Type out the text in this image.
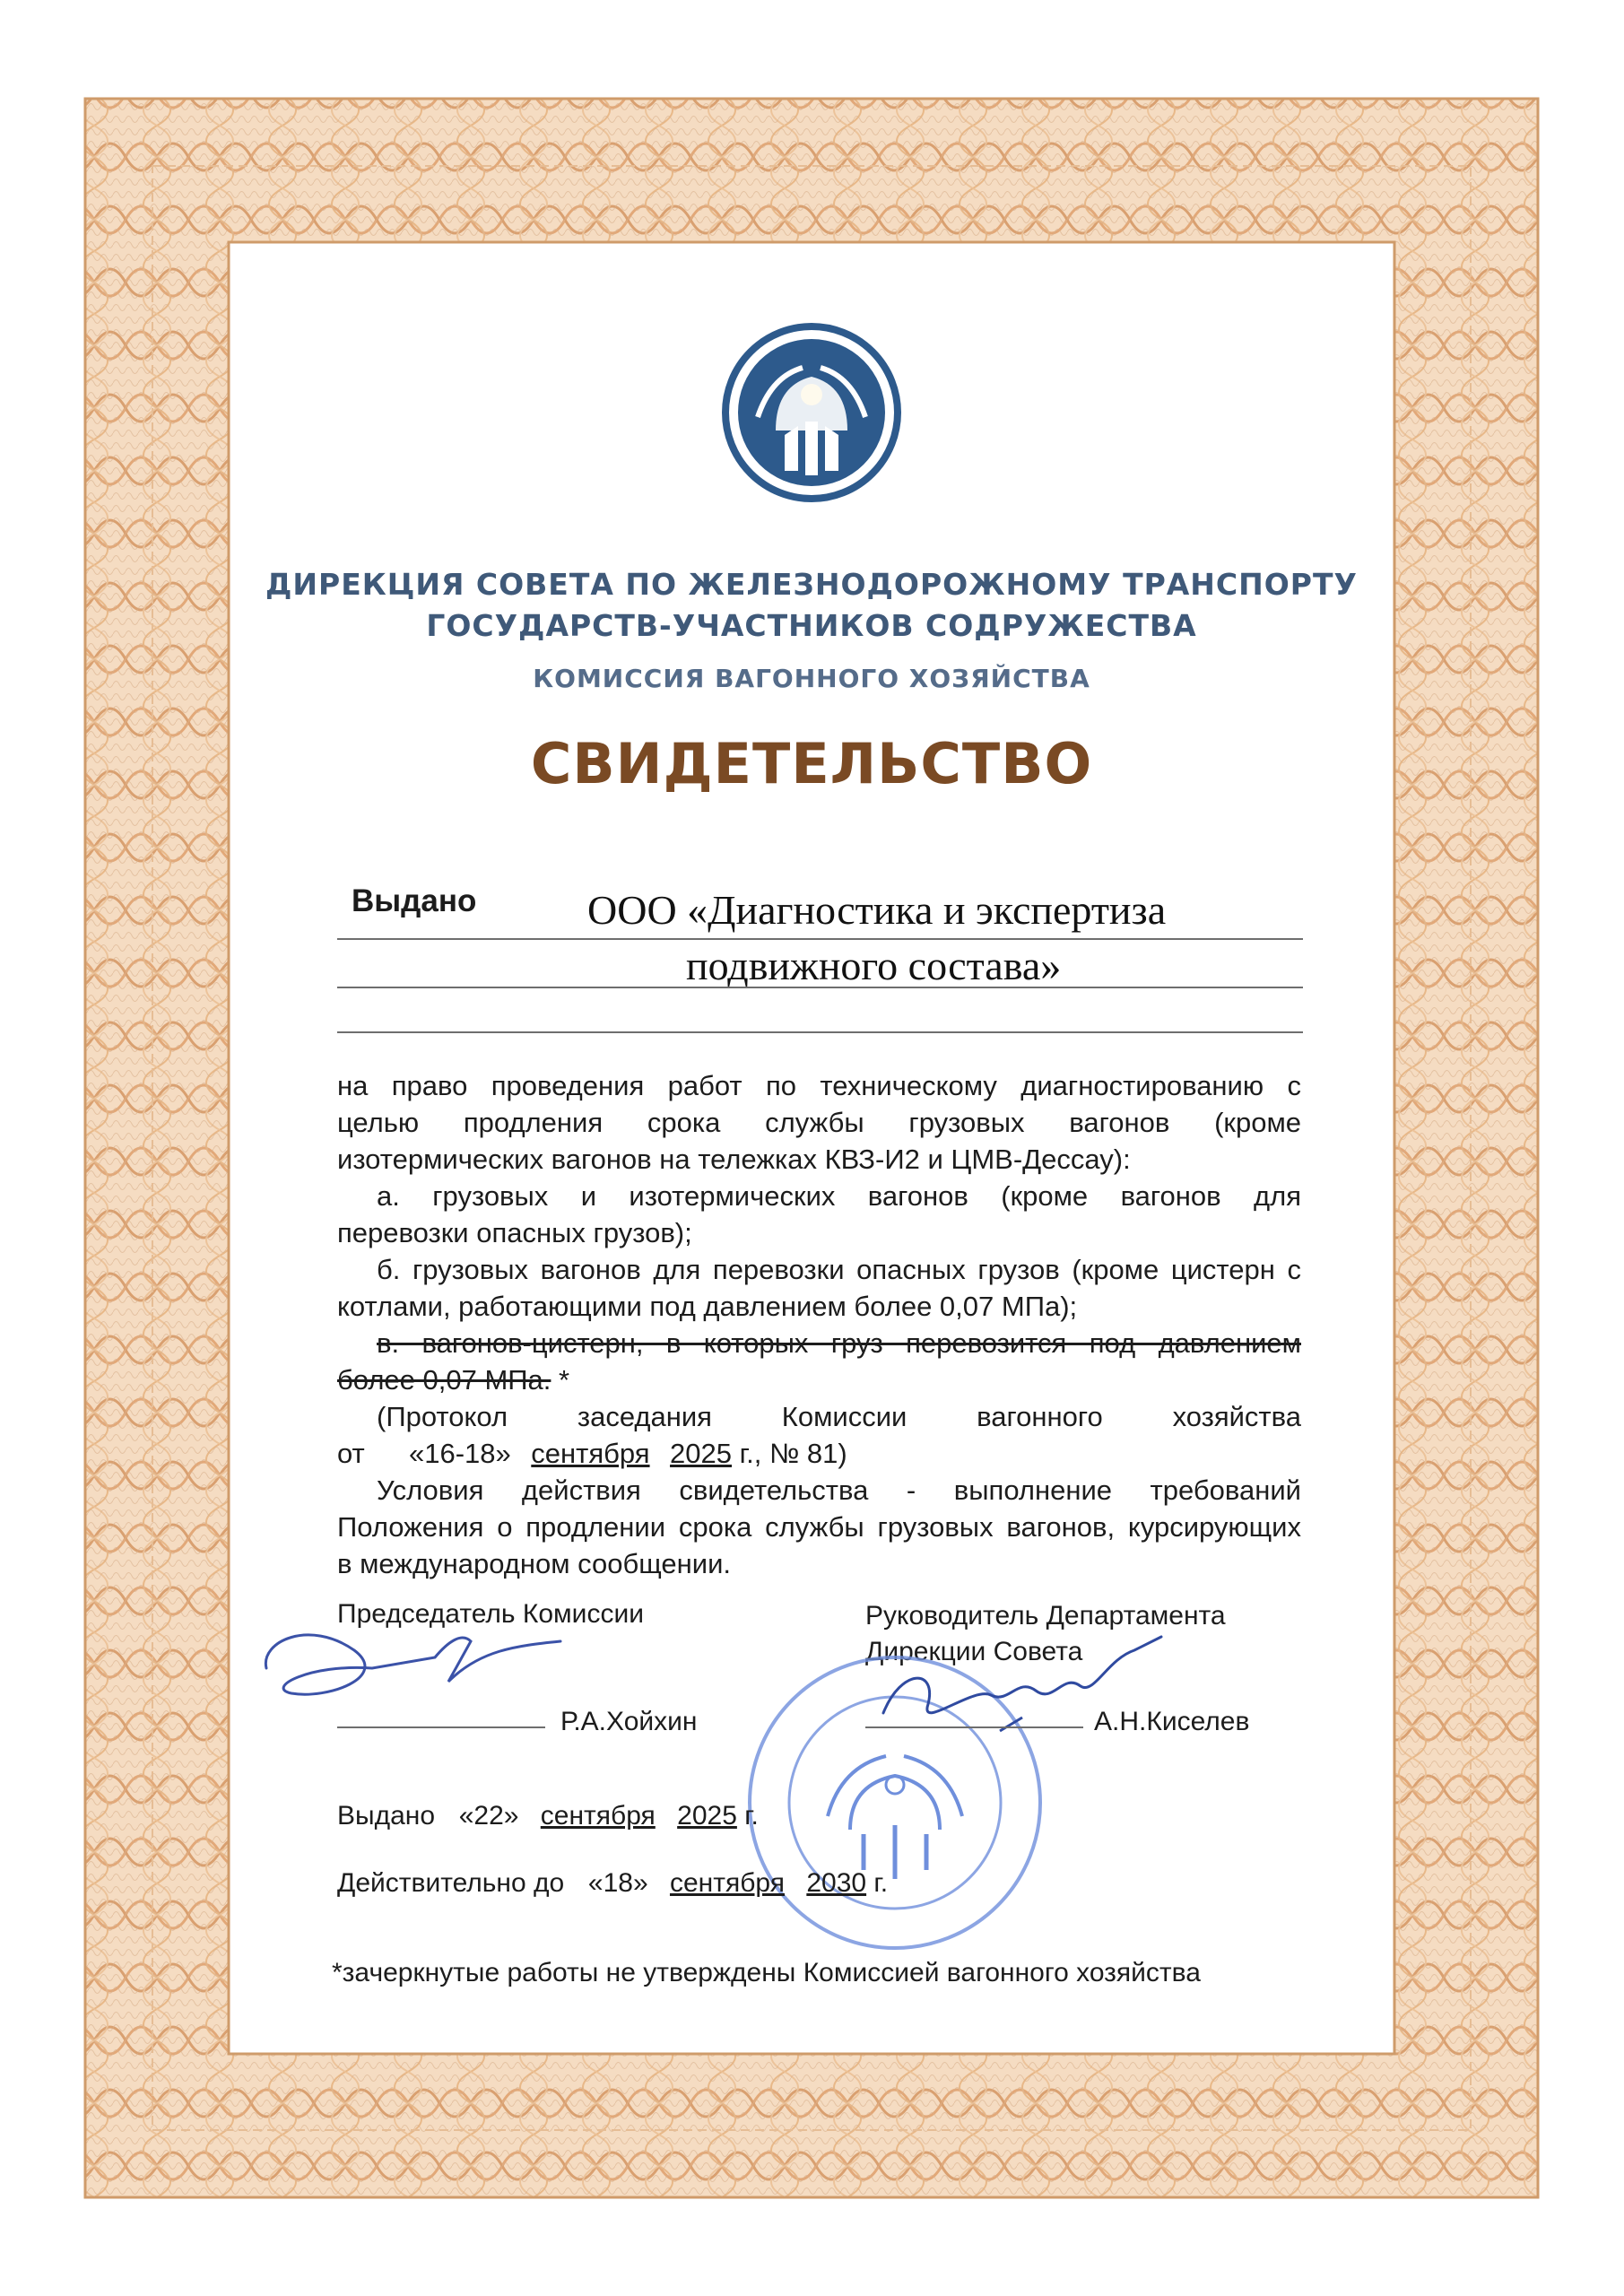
ДИРЕКЦИЯ СОВЕТА ПО ЖЕЛЕЗНОДОРОЖНОМУ ТРАНСПОРТУ
ГОСУДАРСТВ-УЧАСТНИКОВ СОДРУЖЕСТВА
КОМИССИЯ ВАГОННОГО ХОЗЯЙСТВА
СВИДЕТЕЛЬСТВО
Выдано	ООО «Диагностика и экспертиза
подвижного состава»
на право проведения работ по техническому диагностированию с
целью продления срока службы грузовых вагонов (кроме
изотермических вагонов на тележках КВЗ-И2 и ЦМВ-Дессау):
а. грузовых и изотермических вагонов (кроме вагонов для
перевозки опасных грузов);
б. грузовых вагонов для перевозки опасных грузов (кроме цистерн с
котлами, работающими под давлением более 0,07 МПа);
в. вагонов-цистерн, в которых груз перевозится под давлением
более 0,07 МПа. *
(Протокол заседания Комиссии вагонного хозяйства
от «16-18» сентября 2025 г., № 81)
Условия действия свидетельства - выполнение требований
Положения о продлении срока службы грузовых вагонов, курсирующих
в международном сообщении.
Председатель Комиссии
Р.А.Хойхин
Руководитель Департамента
Дирекции Совета
А.Н.Киселев
Выдано «22» сентября 2025 г.
Действительно до «18» сентября 2030 г.
*зачеркнутые работы не утверждены Комиссией вагонного хозяйства
